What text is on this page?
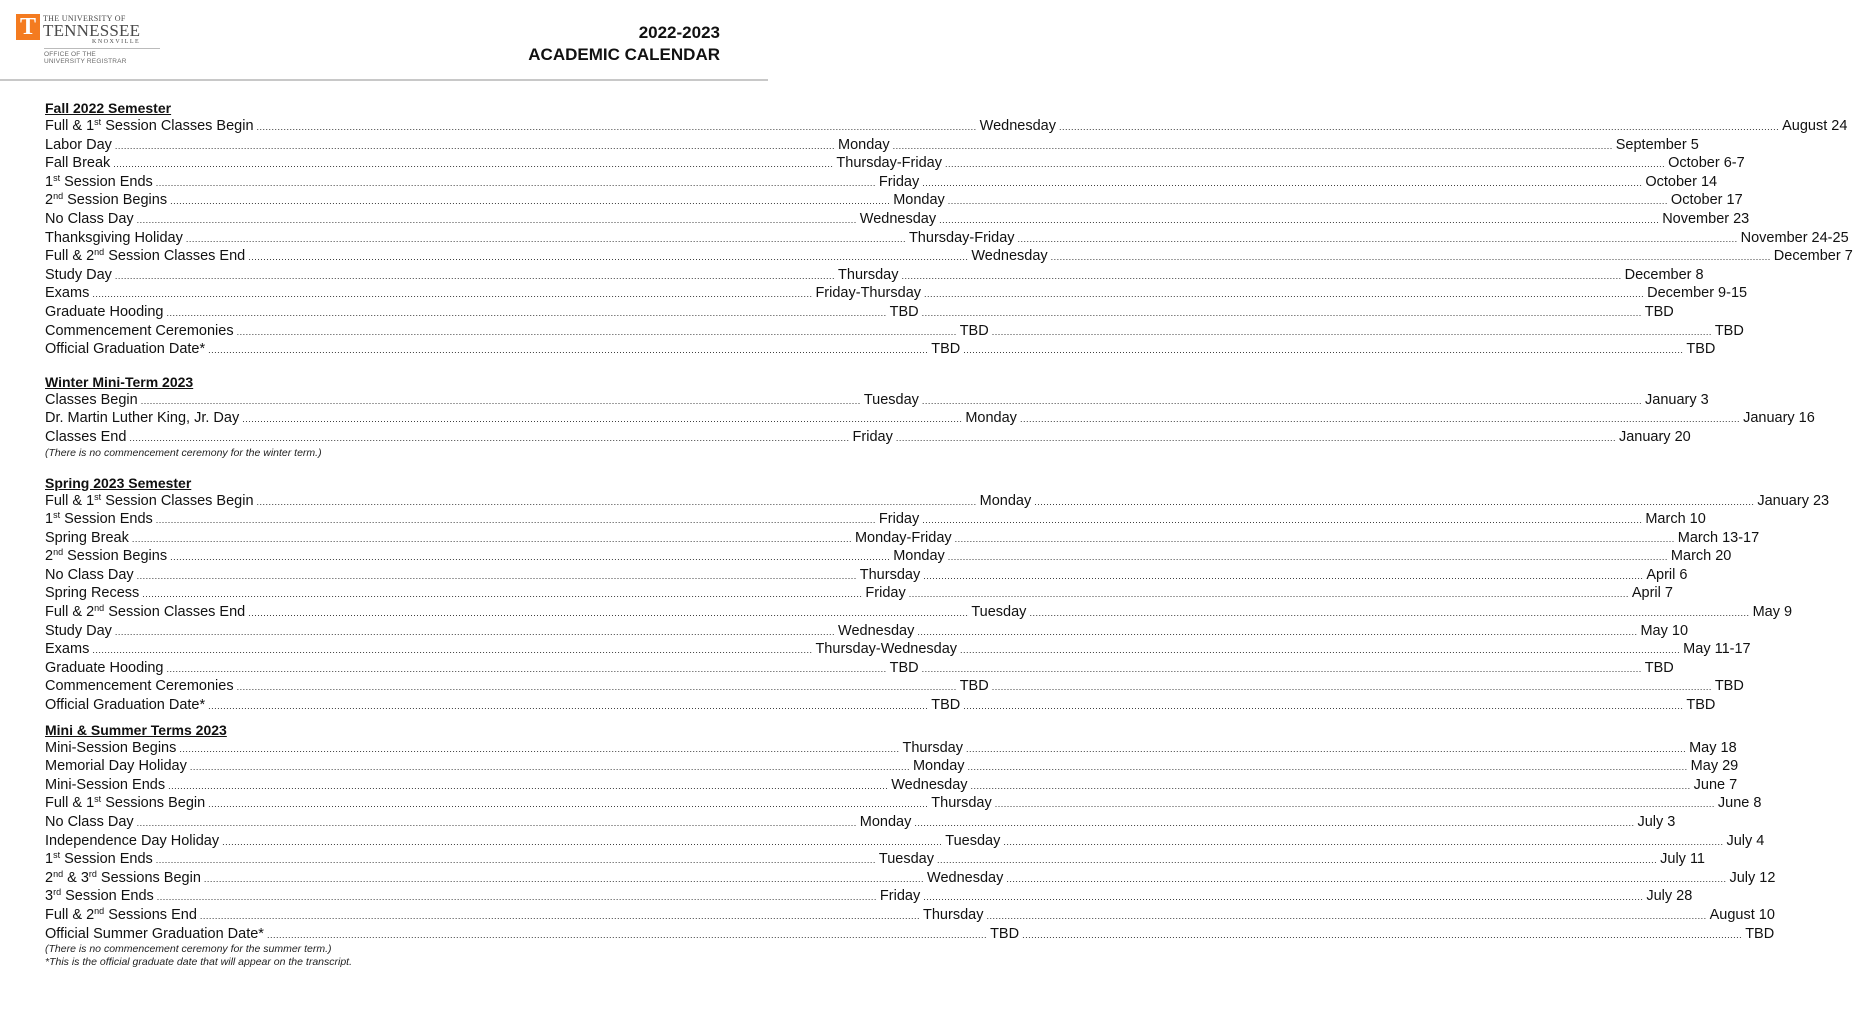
T THE UNIVERSITY OF
TENNESSEE
KNOXVILLE
OFFICE OF THE
UNIVERSITY REGISTRAR
2022-2023
ACADEMIC CALENDAR
Fall 2022 Semester
Full & 1st Session Classes Begin ................................................................................................................................................................................................................................................ Wednesday ................................................................................................................................................................................................................................................ August 24
Labor Day ................................................................................................................................................................................................................................................ Monday ................................................................................................................................................................................................................................................ September 5
Fall Break ................................................................................................................................................................................................................................................ Thursday-Friday ................................................................................................................................................................................................................................................ October 6-7
1st Session Ends ................................................................................................................................................................................................................................................ Friday ................................................................................................................................................................................................................................................ October 14
2nd Session Begins ................................................................................................................................................................................................................................................ Monday ................................................................................................................................................................................................................................................ October 17
No Class Day ................................................................................................................................................................................................................................................ Wednesday ................................................................................................................................................................................................................................................ November 23
Thanksgiving Holiday ................................................................................................................................................................................................................................................ Thursday-Friday ................................................................................................................................................................................................................................................ November 24-25
Full & 2nd Session Classes End ................................................................................................................................................................................................................................................ Wednesday ................................................................................................................................................................................................................................................ December 7
Study Day ................................................................................................................................................................................................................................................ Thursday ................................................................................................................................................................................................................................................ December 8
Exams ................................................................................................................................................................................................................................................ Friday-Thursday ................................................................................................................................................................................................................................................ December 9-15
Graduate Hooding ................................................................................................................................................................................................................................................ TBD ................................................................................................................................................................................................................................................ TBD
Commencement Ceremonies ................................................................................................................................................................................................................................................ TBD ................................................................................................................................................................................................................................................ TBD
Official Graduation Date* ................................................................................................................................................................................................................................................ TBD ................................................................................................................................................................................................................................................ TBD
Winter Mini-Term 2023
Classes Begin ................................................................................................................................................................................................................................................ Tuesday ................................................................................................................................................................................................................................................ January 3
Dr. Martin Luther King, Jr. Day ................................................................................................................................................................................................................................................ Monday ................................................................................................................................................................................................................................................ January 16
Classes End ................................................................................................................................................................................................................................................ Friday ................................................................................................................................................................................................................................................ January 20
(There is no commencement ceremony for the winter term.)
Spring 2023 Semester
Full & 1st Session Classes Begin ................................................................................................................................................................................................................................................ Monday ................................................................................................................................................................................................................................................ January 23
1st Session Ends ................................................................................................................................................................................................................................................ Friday ................................................................................................................................................................................................................................................ March 10
Spring Break ................................................................................................................................................................................................................................................ Monday-Friday ................................................................................................................................................................................................................................................ March 13-17
2nd Session Begins ................................................................................................................................................................................................................................................ Monday ................................................................................................................................................................................................................................................ March 20
No Class Day ................................................................................................................................................................................................................................................ Thursday ................................................................................................................................................................................................................................................ April 6
Spring Recess ................................................................................................................................................................................................................................................ Friday ................................................................................................................................................................................................................................................ April 7
Full & 2nd Session Classes End ................................................................................................................................................................................................................................................ Tuesday ................................................................................................................................................................................................................................................ May 9
Study Day ................................................................................................................................................................................................................................................ Wednesday ................................................................................................................................................................................................................................................ May 10
Exams ................................................................................................................................................................................................................................................ Thursday-Wednesday ................................................................................................................................................................................................................................................ May 11-17
Graduate Hooding ................................................................................................................................................................................................................................................ TBD ................................................................................................................................................................................................................................................ TBD
Commencement Ceremonies ................................................................................................................................................................................................................................................ TBD ................................................................................................................................................................................................................................................ TBD
Official Graduation Date* ................................................................................................................................................................................................................................................ TBD ................................................................................................................................................................................................................................................ TBD
Mini & Summer Terms 2023
Mini-Session Begins ................................................................................................................................................................................................................................................ Thursday ................................................................................................................................................................................................................................................ May 18
Memorial Day Holiday ................................................................................................................................................................................................................................................ Monday ................................................................................................................................................................................................................................................ May 29
Mini-Session Ends ................................................................................................................................................................................................................................................ Wednesday ................................................................................................................................................................................................................................................ June 7
Full & 1st Sessions Begin ................................................................................................................................................................................................................................................ Thursday ................................................................................................................................................................................................................................................ June 8
No Class Day ................................................................................................................................................................................................................................................ Monday ................................................................................................................................................................................................................................................ July 3
Independence Day Holiday ................................................................................................................................................................................................................................................ Tuesday ................................................................................................................................................................................................................................................ July 4
1st Session Ends ................................................................................................................................................................................................................................................ Tuesday ................................................................................................................................................................................................................................................ July 11
2nd & 3rd Sessions Begin ................................................................................................................................................................................................................................................ Wednesday ................................................................................................................................................................................................................................................ July 12
3rd Session Ends ................................................................................................................................................................................................................................................ Friday ................................................................................................................................................................................................................................................ July 28
Full & 2nd Sessions End ................................................................................................................................................................................................................................................ Thursday ................................................................................................................................................................................................................................................ August 10
Official Summer Graduation Date* ................................................................................................................................................................................................................................................ TBD ................................................................................................................................................................................................................................................ TBD
(There is no commencement ceremony for the summer term.)
*This is the official graduate date that will appear on the transcript.
